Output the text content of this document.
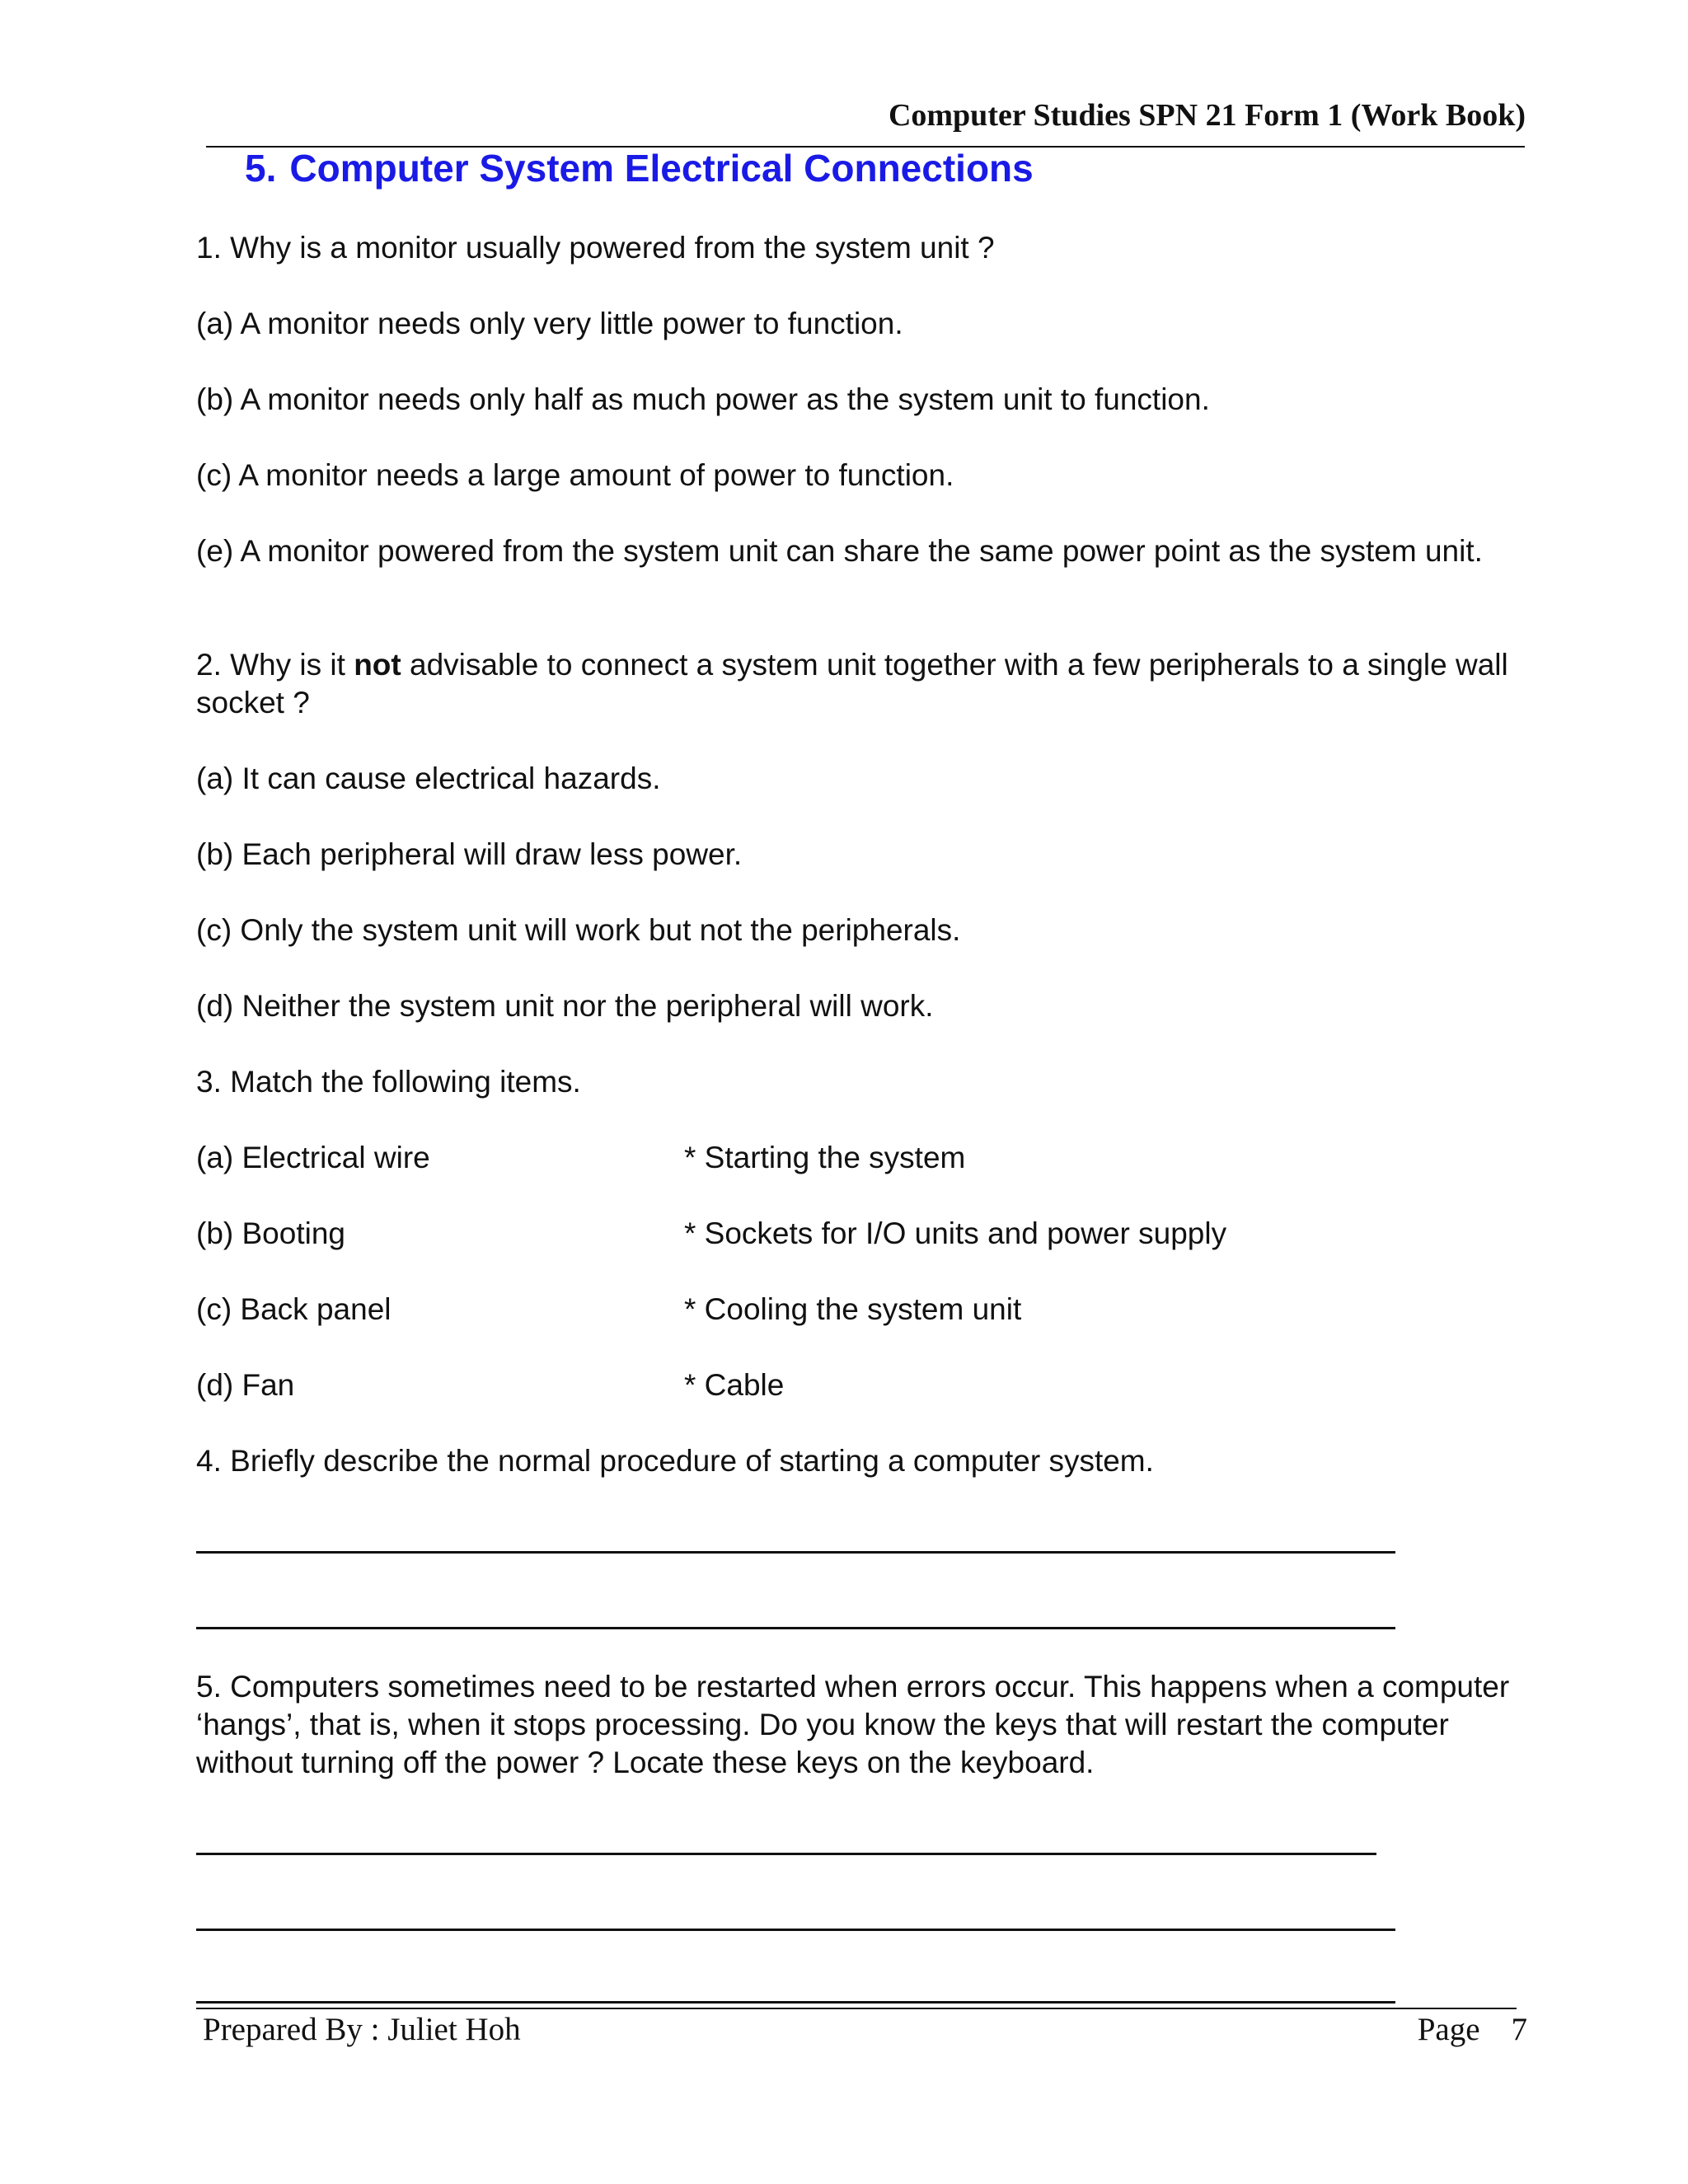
Computer Studies SPN 21 Form 1 (Work Book)
5. Computer System Electrical Connections
1. Why is a monitor usually powered from the system unit ?
(a) A monitor needs only very little power to function.
(b) A monitor needs only half as much power as the system unit to function.
(c) A monitor needs a large amount of power to function.
(e) A monitor powered from the system unit can share the same power point as the system unit.
2. Why is it not advisable to connect a system unit together with a few peripherals to a single wall socket ?
(a) It can cause electrical hazards.
(b) Each peripheral will draw less power.
(c) Only the system unit will work but not the peripherals.
(d) Neither the system unit nor the peripheral will work.
3. Match the following items.
(a) Electrical wire	* Starting the system
(b) Booting	* Sockets for I/O units and power supply
(c) Back panel	* Cooling the system unit
(d) Fan	* Cable
4. Briefly describe the normal procedure of starting a computer system.
5. Computers sometimes need to be restarted when errors occur. This happens when a computer ‘hangs’, that is, when it stops processing. Do you know the keys that will restart the computer without turning off the power ? Locate these keys on the keyboard.
Prepared By : Juliet Hoh	Page 7
